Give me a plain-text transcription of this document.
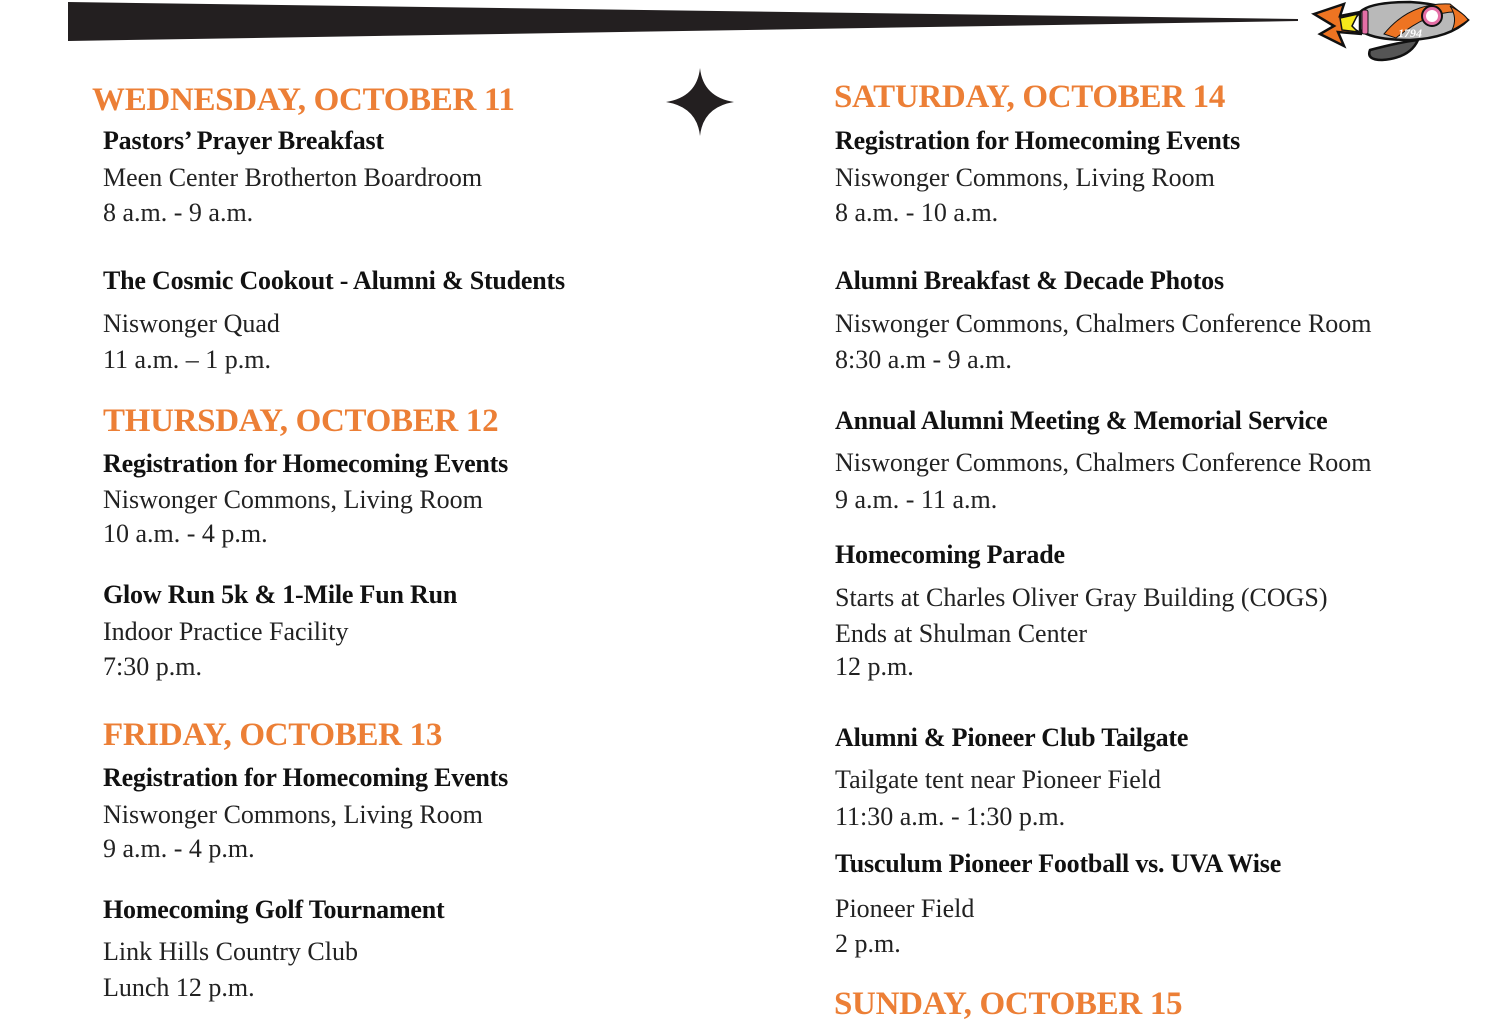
1794
WEDNESDAY, OCTOBER 11
Pastors’ Prayer Breakfast
Meen Center Brotherton Boardroom
8 a.m. - 9 a.m.
The Cosmic Cookout - Alumni & Students
Niswonger Quad
11 a.m. – 1 p.m.
THURSDAY, OCTOBER 12
Registration for Homecoming Events
Niswonger Commons, Living Room
10 a.m. - 4 p.m.
Glow Run 5k & 1-Mile Fun Run
Indoor Practice Facility
7:30 p.m.
FRIDAY, OCTOBER 13
Registration for Homecoming Events
Niswonger Commons, Living Room
9 a.m. - 4 p.m.
Homecoming Golf Tournament
Link Hills Country Club
Lunch 12 p.m.
SATURDAY, OCTOBER 14
Registration for Homecoming Events
Niswonger Commons, Living Room
8 a.m. - 10 a.m.
Alumni Breakfast & Decade Photos
Niswonger Commons, Chalmers Conference Room
8:30 a.m - 9 a.m.
Annual Alumni Meeting & Memorial Service
Niswonger Commons, Chalmers Conference Room
9 a.m. - 11 a.m.
Homecoming Parade
Starts at Charles Oliver Gray Building (COGS)
Ends at Shulman Center
12 p.m.
Alumni & Pioneer Club Tailgate
Tailgate tent near Pioneer Field
11:30 a.m. - 1:30 p.m.
Tusculum Pioneer Football vs. UVA Wise
Pioneer Field
2 p.m.
SUNDAY, OCTOBER 15
